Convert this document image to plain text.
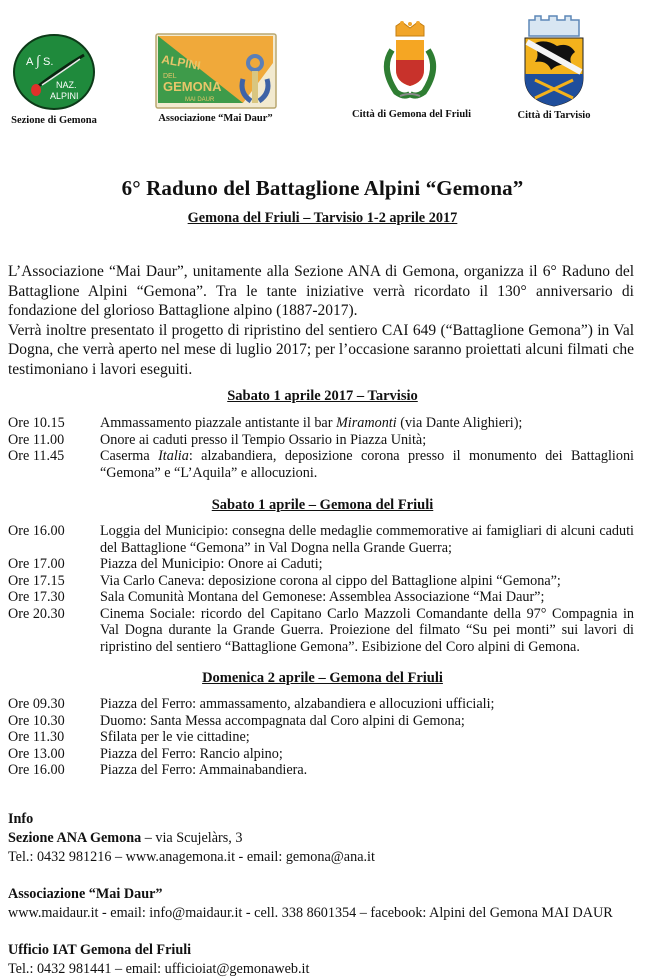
A ∫ S.
NAZ.
ALPINI
Sezione di Gemona
ALPINI
DEL
GEMONA
MAI DAUR
Associazione “Mai Daur”	Città di Gemona del Friuli	Città di Tarvisio
6° Raduno del Battaglione Alpini “Gemona”
Gemona del Friuli – Tarvisio 1-2 aprile 2017

L’Associazione “Mai Daur”, unitamente alla Sezione ANA di Gemona, organizza il 6° Raduno del Battaglione Alpini “Gemona”. Tra le tante iniziative verrà ricordato il 130° anniversario di fondazione del glorioso Battaglione alpino (1887-2017).

Verrà inoltre presentato il progetto di ripristino del sentiero CAI 649 (“Battaglione Gemona”) in Val Dogna, che verrà aperto nel mese di luglio 2017; per l’occasione saranno proiettati alcuni filmati che testimoniano i lavori eseguiti.

Sabato 1 aprile 2017 – Tarvisio
Ore 10.15	Ammassamento piazzale antistante il bar Miramonti (via Dante Alighieri);
Ore 11.00	Onore ai caduti presso il Tempio Ossario in Piazza Unità;
Ore 11.45	Caserma Italia: alzabandiera, deposizione corona presso il monumento dei Battaglioni “Gemona” e “L’Aquila” e allocuzioni.
Sabato 1 aprile – Gemona del Friuli
Ore 16.00	Loggia del Municipio: consegna delle medaglie commemorative ai famigliari di alcuni caduti del Battaglione “Gemona” in Val Dogna nella Grande Guerra;
Ore 17.00	Piazza del Municipio: Onore ai Caduti;
Ore 17.15	Via Carlo Caneva: deposizione corona al cippo del Battaglione alpini “Gemona”;
Ore 17.30	Sala Comunità Montana del Gemonese: Assemblea Associazione “Mai Daur”;
Ore 20.30	Cinema Sociale: ricordo del Capitano Carlo Mazzoli Comandante della 97° Compagnia in Val Dogna durante la Grande Guerra. Proiezione del filmato “Su pei monti” sui lavori di ripristino del sentiero “Battaglione Gemona”. Esibizione del Coro alpini di Gemona.
Domenica 2 aprile – Gemona del Friuli
Ore 09.30	Piazza del Ferro: ammassamento, alzabandiera e allocuzioni ufficiali;
Ore 10.30	Duomo: Santa Messa accompagnata dal Coro alpini di Gemona;
Ore 11.30	Sfilata per le vie cittadine;
Ore 13.00	Piazza del Ferro: Rancio alpino;
Ore 16.00	Piazza del Ferro: Ammainabandiera.

Info

Sezione ANA Gemona – via Scujelàrs, 3

Tel.: 0432 981216 – www.anagemona.it - email: gemona@ana.it

Associazione “Mai Daur”

www.maidaur.it - email: info@maidaur.it - cell. 338 8601354 – facebook: Alpini del Gemona MAI DAUR

Ufficio IAT Gemona del Friuli

Tel.: 0432 981441 – email: ufficioiat@gemonaweb.it
